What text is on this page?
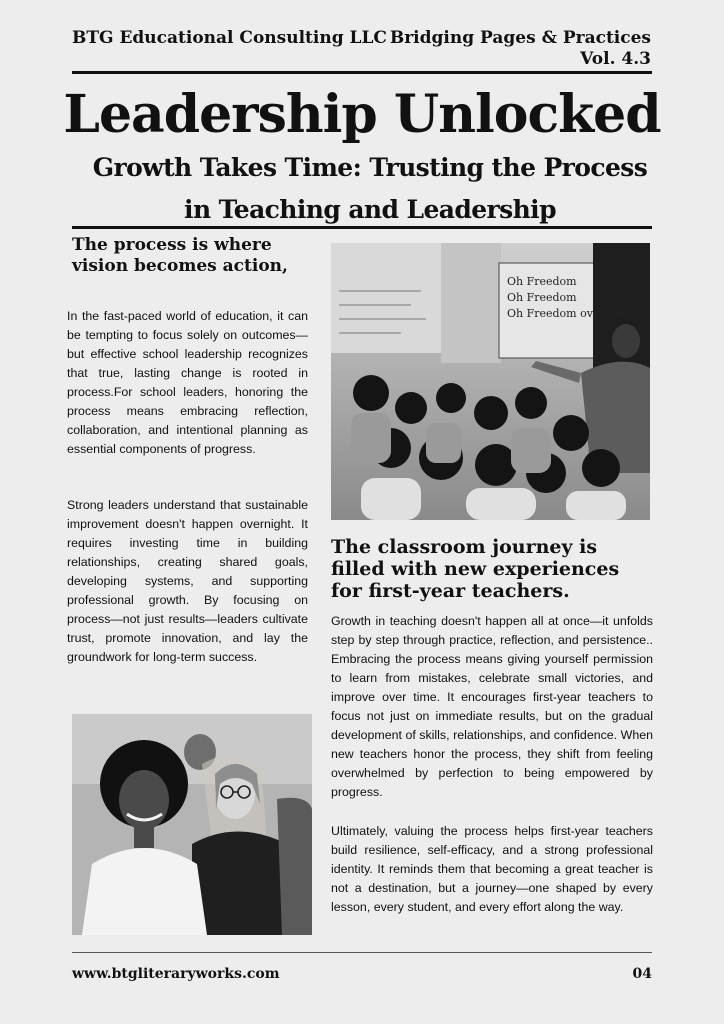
BTG Educational Consulting LLC Bridging Pages & Practices
Vol. 4.3
Leadership Unlocked
Growth Takes Time: Trusting the Process
in Teaching and Leadership
The process is where vision becomes action,
In the fast-paced world of education, it can be tempting to focus solely on outcomes—but effective school leadership recognizes that true, lasting change is rooted in process.For school leaders, honoring the process means embracing reflection, collaboration, and intentional planning as essential components of progress.
Strong leaders understand that sustainable improvement doesn't happen overnight. It requires investing time in building relationships, creating shared goals, developing systems, and supporting professional growth. By focusing on process—not just results—leaders cultivate trust, promote innovation, and lay the groundwork for long-term success.
Oh Freedom
Oh Freedom
Oh Freedom over me
The classroom journey is filled with new experiences for first-year teachers.
Growth in teaching doesn't happen all at once—it unfolds step by step through practice, reflection, and persistence.. Embracing the process means giving yourself permission to learn from mistakes, celebrate small victories, and improve over time. It encourages first-year teachers to focus not just on immediate results, but on the gradual development of skills, relationships, and confidence. When new teachers honor the process, they shift from feeling overwhelmed by perfection to being empowered by progress.
Ultimately, valuing the process helps first-year teachers build resilience, self-efficacy, and a strong professional identity. It reminds them that becoming a great teacher is not a destination, but a journey—one shaped by every lesson, every student, and every effort along the way.
www.btgliteraryworks.com	04
